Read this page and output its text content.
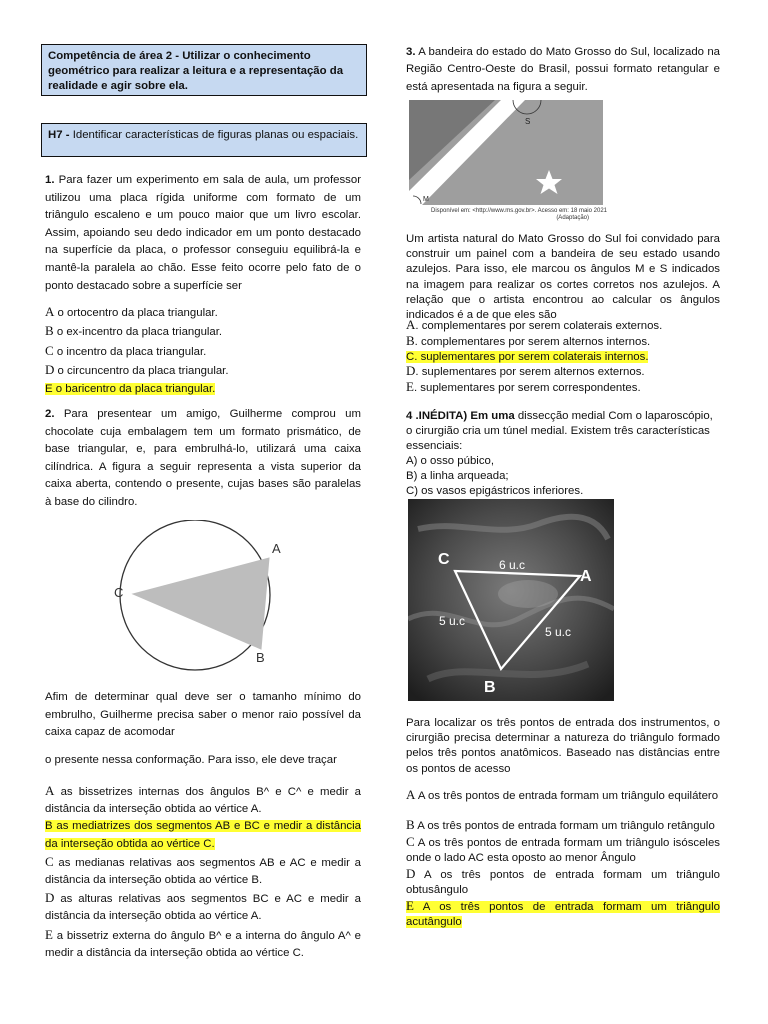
Competência de área 2 - Utilizar o conhecimento geométrico para realizar a leitura e a representação da realidade e agir sobre ela.
H7 - Identificar características de figuras planas ou espaciais.

1. Para fazer um experimento em sala de aula, um professor utilizou uma placa rígida uniforme com formato de um triângulo escaleno e um pouco maior que um livro escolar. Assim, apoiando seu dedo indicador em um ponto destacado na superfície da placa, o professor conseguiu equilibrá-la e mantê-la paralela ao chão. Esse feito ocorre pelo fato de o ponto destacado sobre a superfície ser

A o ortocentro da placa triangular.

B o ex-incentro da placa triangular.

C o incentro da placa triangular.

D o circuncentro da placa triangular.

E o baricentro da placa triangular.

2. Para presentear um amigo, Guilherme comprou um chocolate cuja embalagem tem um formato prismático, de base triangular, e, para embrulhá-lo, utilizará uma caixa cilíndrica. A figura a seguir representa a vista superior da caixa aberta, contendo o presente, cujas bases são paralelas à base do cilindro.

A
B
C

Afim de determinar qual deve ser o tamanho mínimo do embrulho, Guilherme precisa saber o menor raio possível da caixa capaz de acomodar

o presente nessa conformação. Para isso, ele deve traçar

A as bissetrizes internas dos ângulos B^ e C^ e medir a distância da interseção obtida ao vértice A.

B as mediatrizes dos segmentos AB e BC e medir a distância da interseção obtida ao vértice C.

C as medianas relativas aos segmentos AB e AC e medir a distância da interseção obtida ao vértice B.

D as alturas relativas aos segmentos BC e AC e medir a distância da interseção obtida ao vértice A.

E a bissetriz externa do ângulo B^ e a interna do ângulo A^ e medir a distância da interseção obtida ao vértice C.

3. A bandeira do estado do Mato Grosso do Sul, localizado na Região Centro-Oeste do Brasil, possui formato retangular e está apresentada na figura a seguir.

S
M
Disponível em: <http://www.ms.gov.br>. Acesso em: 18 maio 2021
(Adaptação)

Um artista natural do Mato Grosso do Sul foi convidado para construir um painel com a bandeira de seu estado usando azulejos. Para isso, ele marcou os ângulos M e S indicados na imagem para realizar os cortes corretos nos azulejos. A relação que o artista encontrou ao calcular os ângulos indicados é a de que eles são

A. complementares por serem colaterais externos.

B. complementares por serem alternos internos.

C. suplementares por serem colaterais internos.

D. suplementares por serem alternos externos.

E. suplementares por serem correspondentes.

4 .INÉDITA) Em uma dissecção medial Com o laparoscópio, o cirurgião cria um túnel medial. Existem três características essenciais:

A) o osso púbico,

B) a linha arqueada;

C) os vasos epigástricos inferiores.

C
A
B
6 u.c
5 u.c
5 u.c

Para localizar os três pontos de entrada dos instrumentos, o cirurgião precisa determinar a natureza do triângulo formado pelos três pontos anatômicos. Baseado nas distâncias entre os pontos de acesso

A A os três pontos de entrada formam um triângulo equilátero

B A os três pontos de entrada formam um triângulo retângulo

C A os três pontos de entrada formam um triângulo isósceles onde o lado AC esta oposto ao menor Ângulo

D A os três pontos de entrada formam um triângulo obtusângulo

E A os três pontos de entrada formam um triângulo acutângulo
